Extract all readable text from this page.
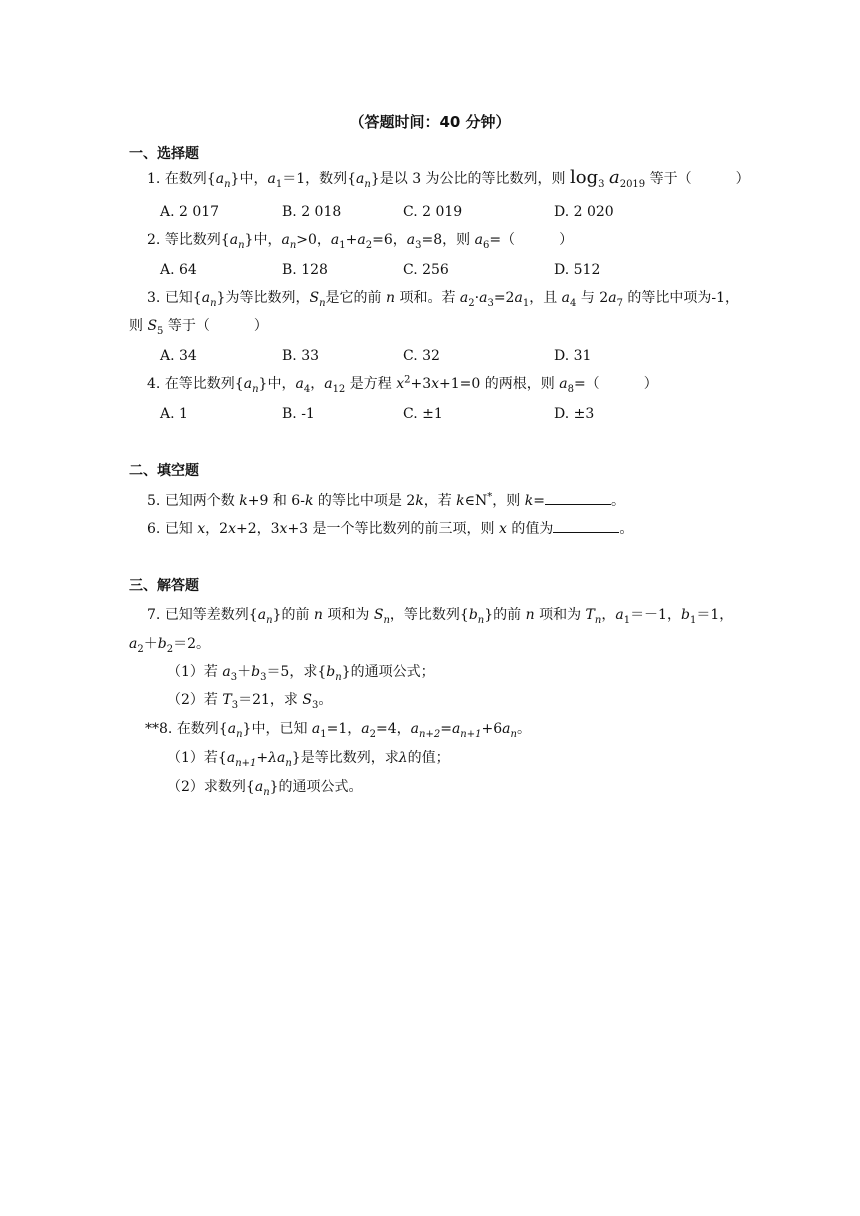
（答题时间：40 分钟）
一、选择题
1. 在数列$\{a_n\}$中，$a_1=1$，数列$\{a_n\}$是以 3 为公比的等比数列，则 $\log_3 a_{2019}$ 等于（	）
A. 2 017	B. 2 018	C. 2 019	D. 2 020
2. 等比数列$\{a_n\}$中，$a_n>0$，$a_1+a_2=6$，$a_3=8$，则 $a_6=$（	）
A. 64	B. 128	C. 256	D. 512
3. 已知$\{a_n\}$为等比数列，$S_n$是它的前 n 项和。若 $a_2\cdot a_3=2a_1$，且 $a_4$ 与 $2a_7$ 的等比中项为-1，
则 $S_5$ 等于（	）
A. 34	B. 33	C. 32	D. 31
4. 在等比数列$\{a_n\}$中，$a_4$，$a_{12}$ 是方程 $x^2+3x+1=0$ 的两根，则 $a_8=$（	）
A. 1	B. -1	C. ±1	D. ±3
二、填空题
5. 已知两个数 k+9 和 6-k 的等比中项是 2k，若 k∈N*，则 k=	。
6. 已知 x，2x+2，3x+3 是一个等比数列的前三项，则 x 的值为	。
三、解答题
7. 已知等差数列$\{a_n\}$的前 n 项和为 $S_n$，等比数列$\{b_n\}$的前 n 项和为 $T_n$，$a_1=-1$，$b_1=1$，
$a_2+b_2=2$。
（1）若 $a_3+b_3=5$，求$\{b_n\}$的通项公式；
（2）若 $T_3=21$，求 $S_3$。
**8. 在数列$\{a_n\}$中，已知 $a_1=1$，$a_2=4$，$a_{n+2}=a_{n+1}+6a_n$。
（1）若$\{a_{n+1}+\lambda a_n\}$是等比数列，求λ的值；
（2）求数列$\{a_n\}$的通项公式。
